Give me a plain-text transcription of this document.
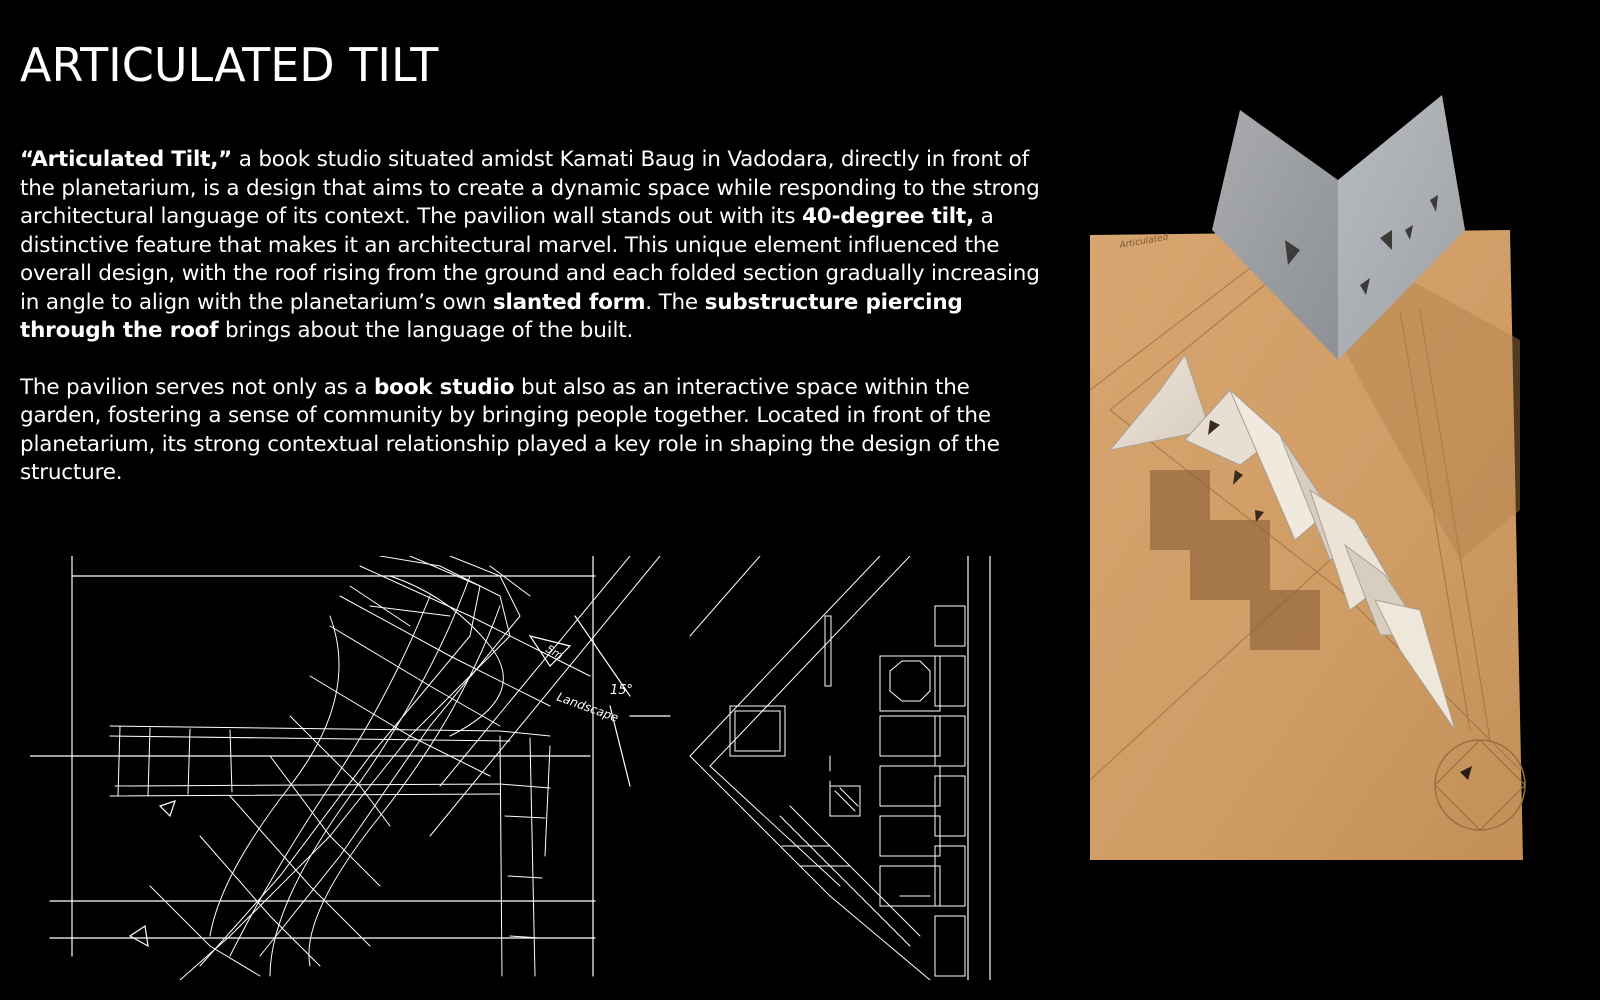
ARTICULATED TILT

“Articulated Tilt,” a book studio situated amidst Kamati Baug in Vadodara, directly in front of the planetarium, is a design that aims to create a dynamic space while responding to the strong architectural language of its context. The pavilion wall stands out with its 40-degree tilt, a distinctive feature that makes it an architectural marvel. This unique element influenced the overall design, with the roof rising from the ground and each folded section gradually increasing in angle to align with the planetarium’s own slanted form. The substructure piercing through the roof brings about the language of the built.

The pavilion serves not only as a book studio but also as an interactive space within the garden, fostering a sense of community by bringing people together. Located in front of the planetarium, its strong contextual relationship played a key role in shaping the design of the structure.

15°
Landscape
5m
Articulated
